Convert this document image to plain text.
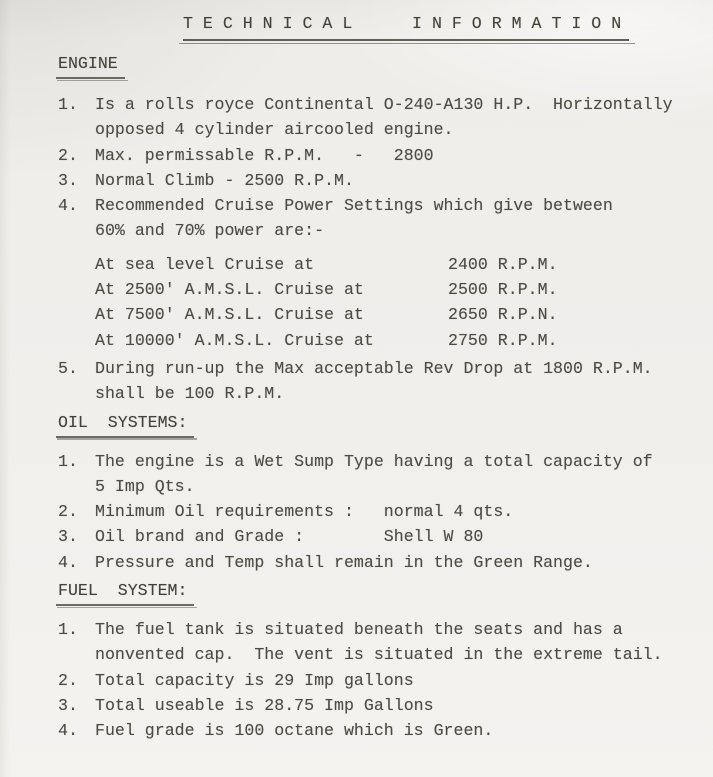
T E C H N I C A L      I N F O R M A T I O N
ENGINE
1.	Is a rolls royce Continental O-240-A130 H.P.  Horizontally
opposed 4 cylinder aircooled engine.
2.	Max. permissable R.P.M.   -   2800
3.	Normal Climb - 2500 R.P.M.
4.	Recommended Cruise Power Settings which give between
60% and 70% power are:-
At sea level Cruise at	2400 R.P.M.
At 2500' A.M.S.L. Cruise at	2500 R.P.M.
At 7500' A.M.S.L. Cruise at	2650 R.P.N.
At 10000' A.M.S.L. Cruise at	2750 R.P.M.
5.	During run-up the Max acceptable Rev Drop at 1800 R.P.M.
shall be 100 R.P.M.
OIL  SYSTEMS:
1.	The engine is a Wet Sump Type having a total capacity of
5 Imp Qts.
2.	Minimum Oil requirements :   normal 4 qts.
3.	Oil brand and Grade :        Shell W 80
4.	Pressure and Temp shall remain in the Green Range.
FUEL  SYSTEM:
1.	The fuel tank is situated beneath the seats and has a
nonvented cap.  The vent is situated in the extreme tail.
2.	Total capacity is 29 Imp gallons
3.	Total useable is 28.75 Imp Gallons
4.	Fuel grade is 100 octane which is Green.
